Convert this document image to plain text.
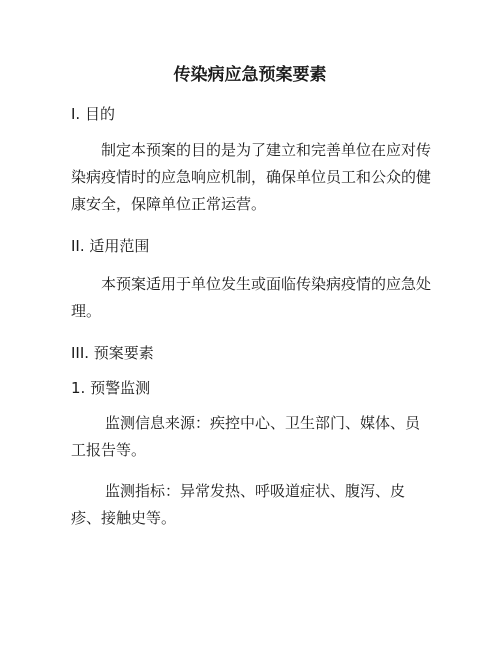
传染病应急预案要素
I. 目的

制定本预案的目的是为了建立和完善单位在应对传染病疫情时的应急响应机制，确保单位员工和公众的健康安全，保障单位正常运营。

II. 适用范围

本预案适用于单位发生或面临传染病疫情的应急处理。

III. 预案要素
1. 预警监测

监测信息来源：疾控中心、卫生部门、媒体、员工报告等。

监测指标：异常发热、呼吸道症状、腹泻、皮疹、接触史等。
